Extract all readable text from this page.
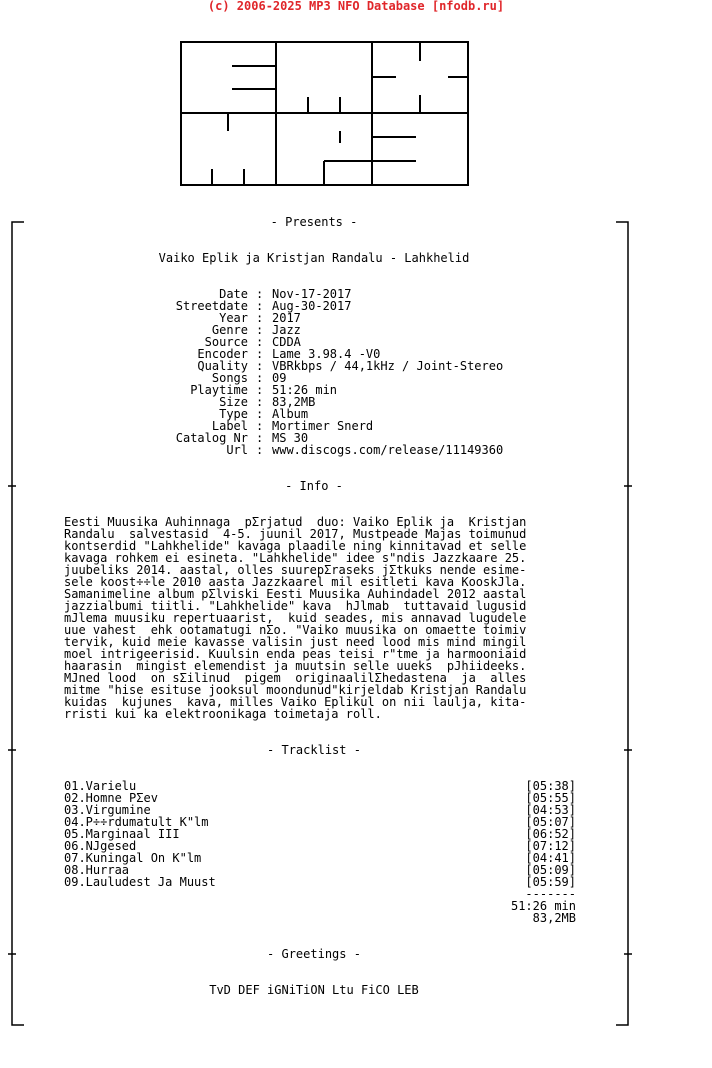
(c) 2006-2025 MP3 NFO Database [nfodb.ru]
- Presents -
Vaiko Eplik ja Kristjan Randalu - Lahkhelid
Date : Nov-17-2017
Streetdate : Aug-30-2017
Year : 2017
Genre : Jazz
Source : CDDA
Encoder : Lame 3.98.4 -V0
Quality : VBRkbps / 44,1kHz / Joint-Stereo
Songs : 09
Playtime : 51:26 min
Size : 83,2MB
Type : Album
Label : Mortimer Snerd
Catalog Nr : MS 30
Url : www.discogs.com/release/11149360
- Info -
Eesti Muusika Auhinnaga  pΣrjatud  duo: Vaiko Eplik ja  Kristjan
Randalu  salvestasid  4-5. juunil 2017, Mustpeade Majas toimunud
kontserdid "Lahkhelide" kavaga plaadile ning kinnitavad et selle
kavaga rohkem ei esineta. "Lahkhelide" idee s"ndis Jazzkaare 25.
juubeliks 2014. aastal, olles suurepΣraseks jΣtkuks nende esime-
sele koost÷÷le 2010 aasta Jazzkaarel mil esitleti kava KooskJla.
Samanimeline album pΣlviski Eesti Muusika Auhindadel 2012 aastal
jazzialbumi tiitli. "Lahkhelide" kava  hJlmab  tuttavaid lugusid
mJlema muusiku repertuaarist,  kuid seades, mis annavad lugudele
uue vahest  ehk ootamatugi nΣo. "Vaiko muusika on omaette toimiv
tervik, kuid meie kavasse valisin just need lood mis mind mingil
moel intrigeerisid. Kuulsin enda peas teisi r"tme ja harmooniaid
haarasin  mingist elemendist ja muutsin selle uueks  pJhiideeks.
MJned lood  on sΣilinud  pigem  originaalilΣhedastena  ja  alles
mitme "hise esituse jooksul moondunud"kirjeldab Kristjan Randalu
kuidas  kujunes  kava, milles Vaiko Eplikul on nii laulja, kita-
rristi kui ka elektroonikaga toimetaja roll.
- Tracklist -
01.Varielu	[05:38]
02.Homne PΣev	[05:55]
03.Virgumine	[04:53]
04.P÷÷rdumatult K"lm	[05:07]
05.Marginaal III	[06:52]
06.NJgesed	[07:12]
07.Kuningal On K"lm	[04:41]
08.Hurraa	[05:09]
09.Lauludest Ja Muust	[05:59]
-------
51:26 min
83,2MB
- Greetings -
TvD DEF iGNiTiON Ltu FiCO LEB
